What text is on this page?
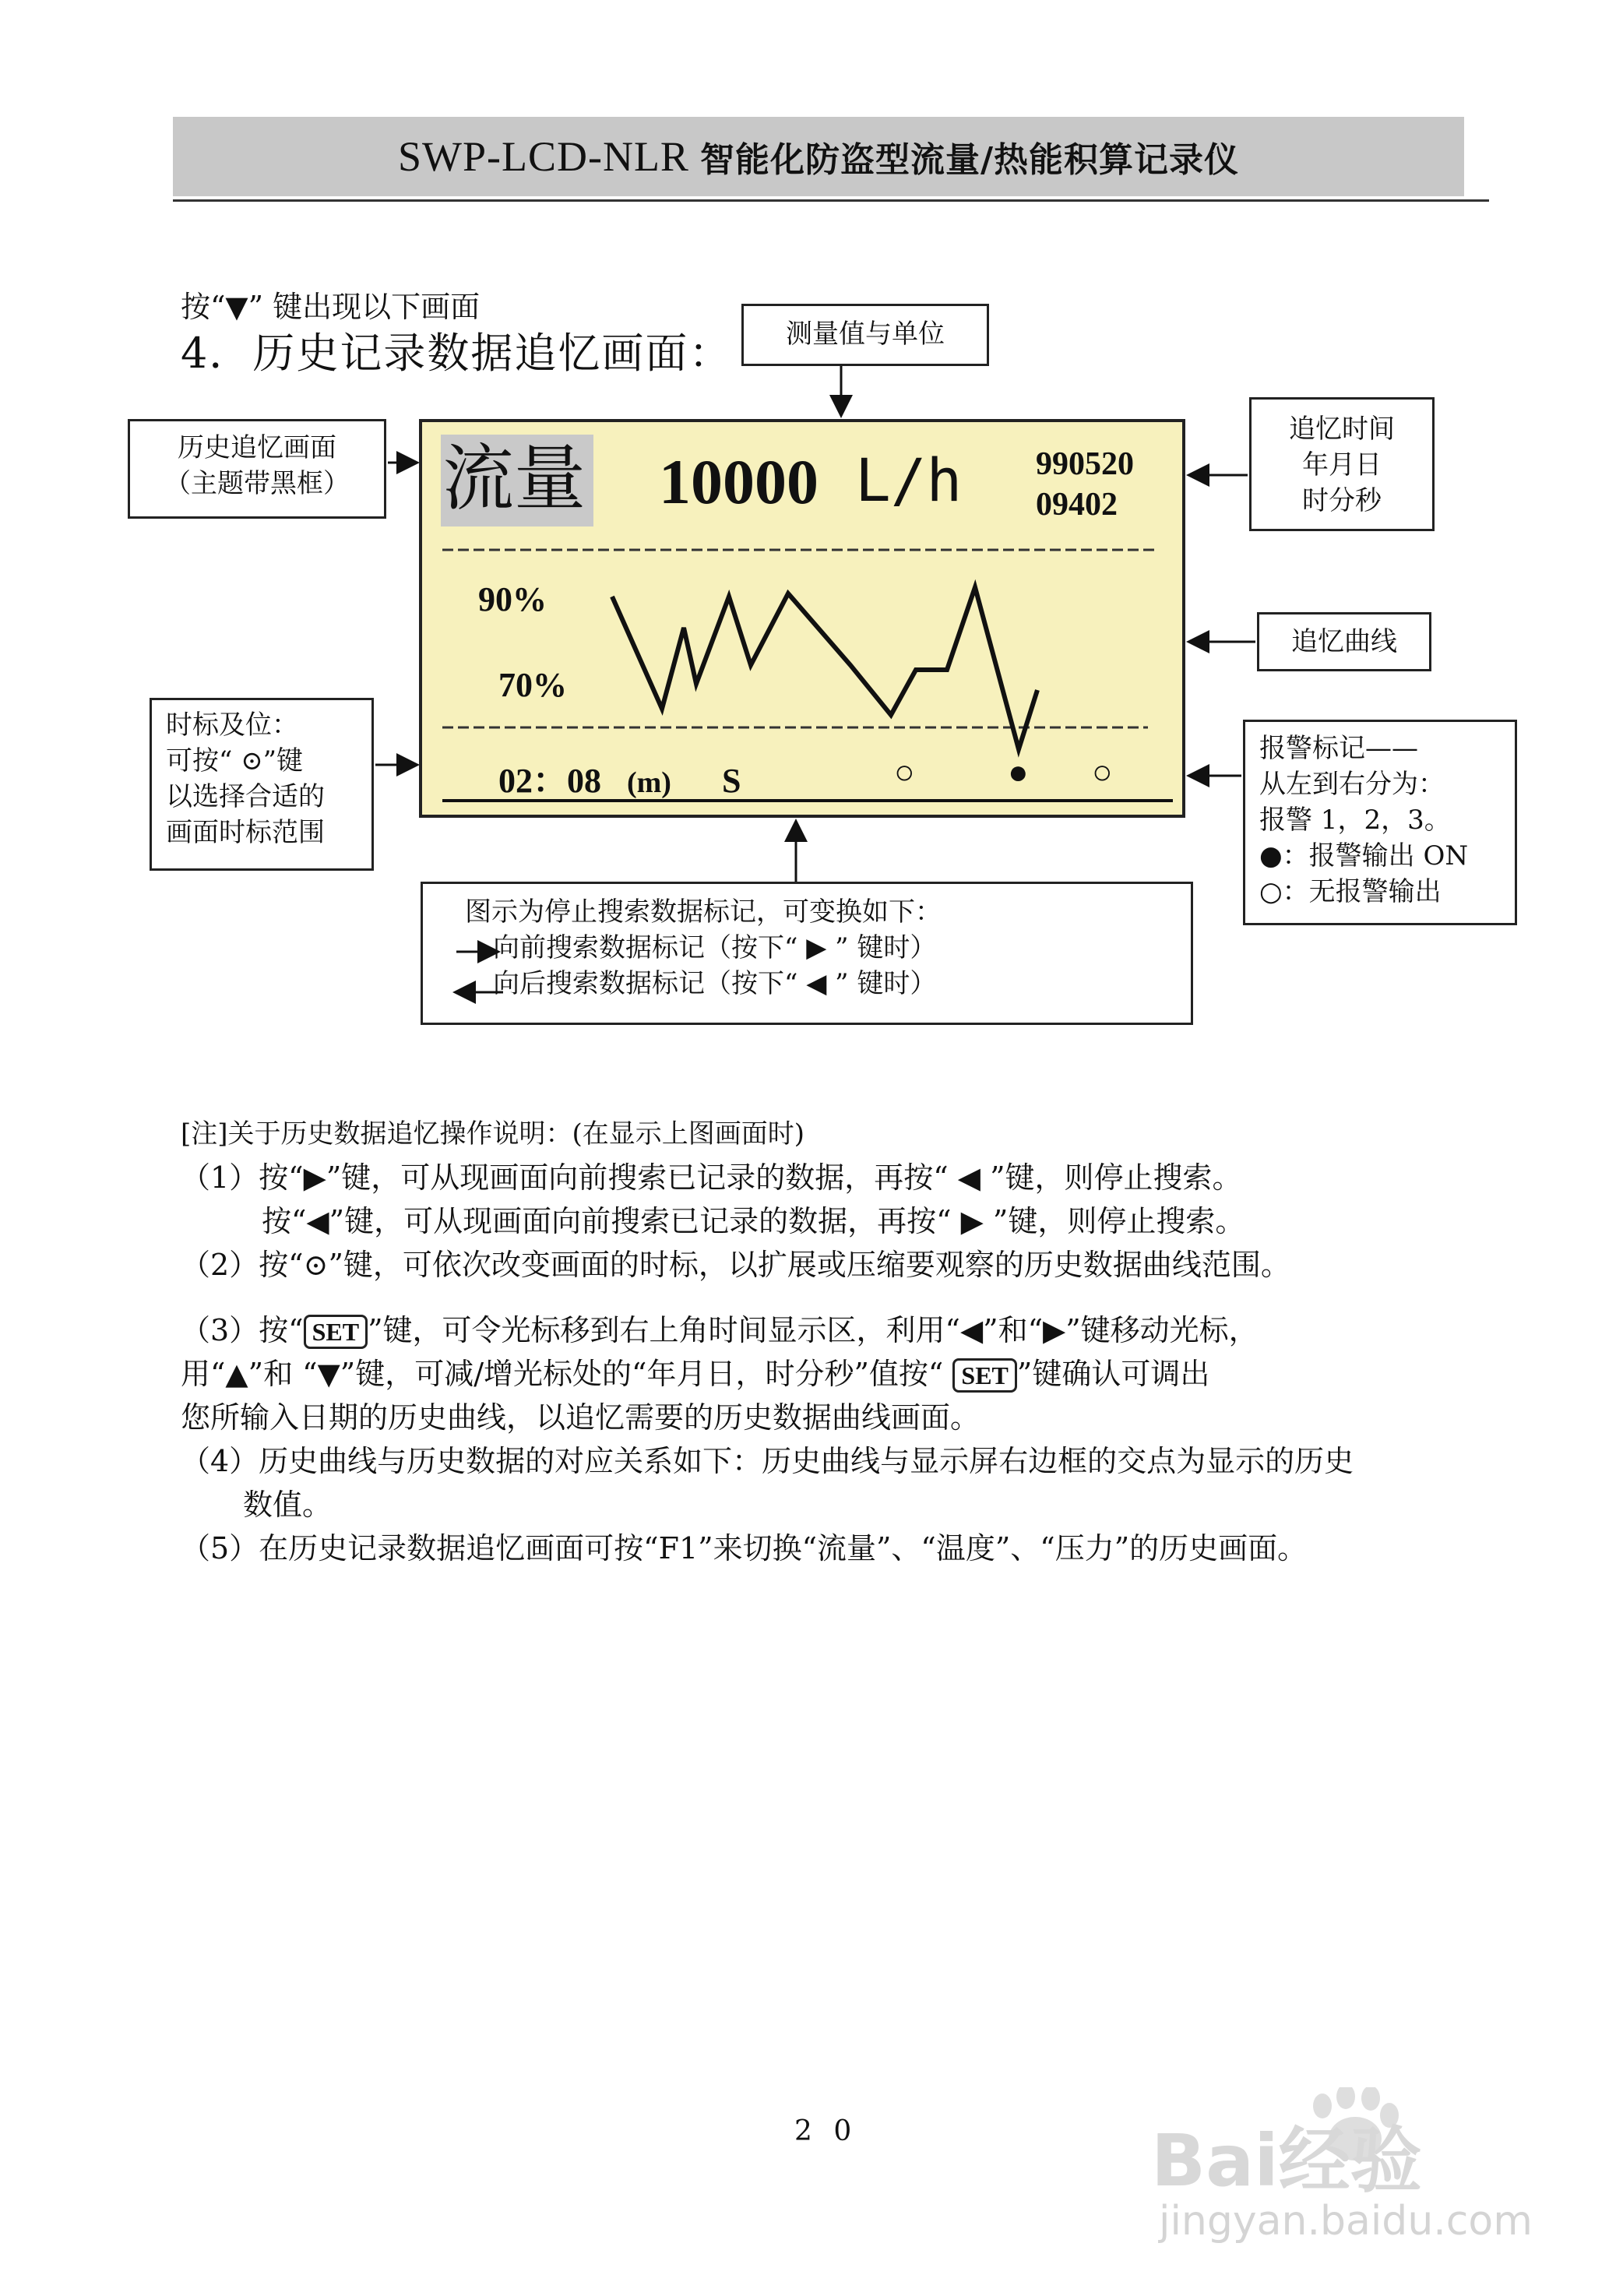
SWP-LCD-NLR 智能化防盗型流量/热能积算记录仪
按“▼” 键出现以下画面
4．历史记录数据追忆画面：	测量值与单位
历史追忆画面
（主题带黑框）
追忆时间
年月日
时分秒
追忆曲线
时标及位：
可按“ ⊙”键
以选择合适的
画面时标范围
报警标记——
从左到右分为：
报警 1，2，3。
●：报警输出 ON
○：无报警输出
图示为停止搜索数据标记，可变换如下：
向前搜索数据标记（按下“ ▶ ” 键时）
向后搜索数据标记（按下“ ◀ ” 键时）
流量 10000 L/h 990520
09402
90%
70%
02：08 (m) S	○	● ○
[注]关于历史数据追忆操作说明：(在显示上图画面时)
（1）按“▶”键，可从现画面向前搜索已记录的数据，再按“ ◀ ”键，则停止搜索。
按“◀”键，可从现画面向前搜索已记录的数据，再按“ ▶ ”键，则停止搜索。
（2）按“⊙”键，可依次改变画面的时标，以扩展或压缩要观察的历史数据曲线范围。
（3）按“ SET ”键，可令光标移到右上角时间显示区，利用“◀”和“▶”键移动光标，
用“▲”和 “▼”键，可减/增光标处的“年月日，时分秒”值按“ SET ”键确认可调出
您所输入日期的历史曲线，以追忆需要的历史数据曲线画面。
（4）历史曲线与历史数据的对应关系如下：历史曲线与显示屏右边框的交点为显示的历史
数值。
（5）在历史记录数据追忆画面可按“F1”来切换“流量”、“温度”、“压力”的历史画面。
2 0	Bai经验
jingyan.baidu.com
